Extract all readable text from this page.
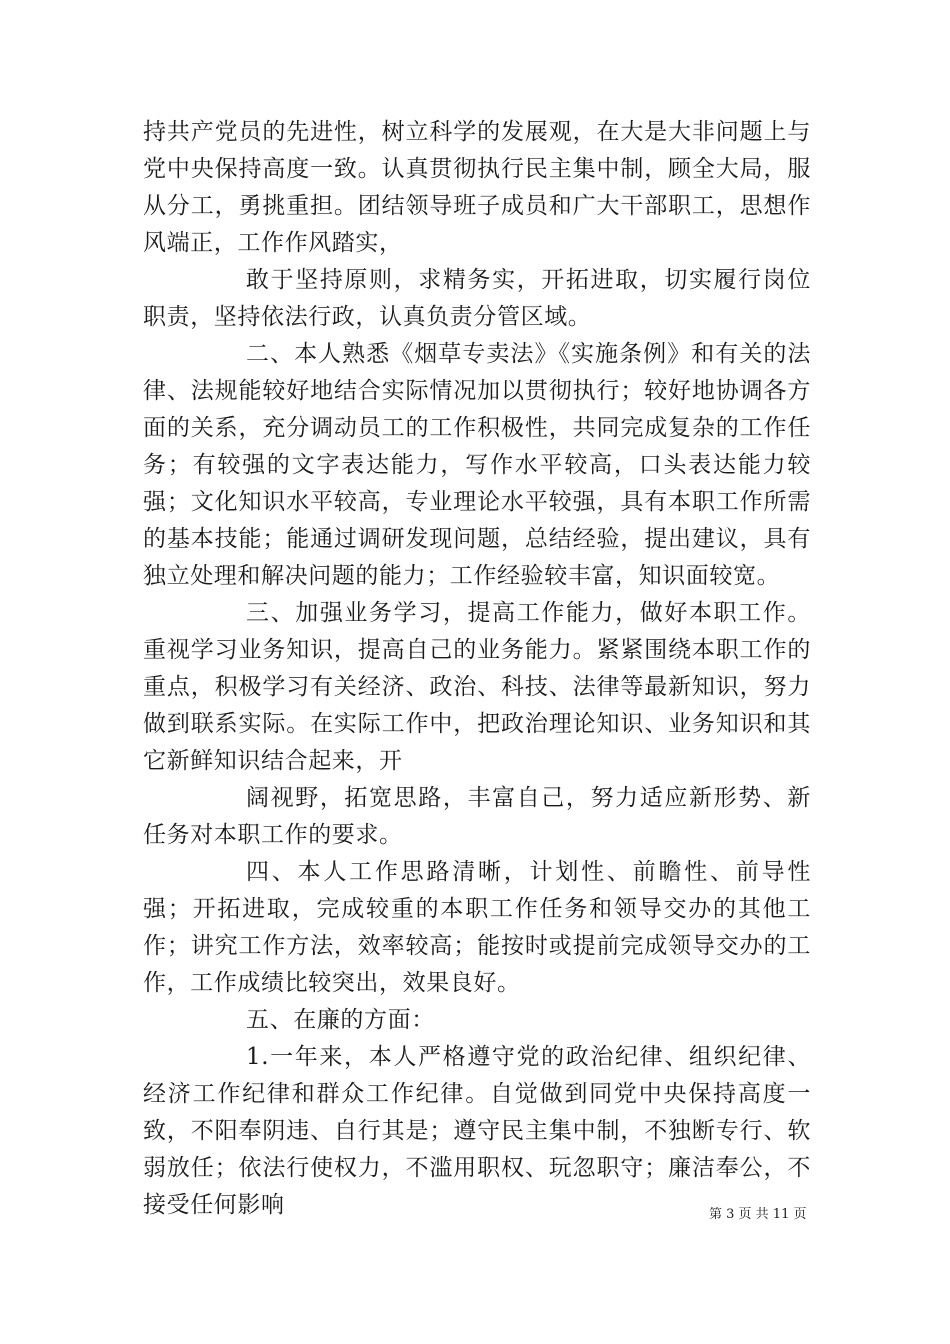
持共产党员的先进性，树立科学的发展观，在大是大非问题上与党中央保持高度一致。认真贯彻执行民主集中制，顾全大局，服从分工，勇挑重担。团结领导班子成员和广大干部职工，思想作风端正，工作作风踏实，

敢于坚持原则，求精务实，开拓进取，切实履行岗位职责，坚持依法行政，认真负责分管区域。

二、本人熟悉《烟草专卖法》《实施条例》和有关的法律、法规能较好地结合实际情况加以贯彻执行；较好地协调各方面的关系，充分调动员工的工作积极性，共同完成复杂的工作任务；有较强的文字表达能力，写作水平较高，口头表达能力较强；文化知识水平较高，专业理论水平较强，具有本职工作所需的基本技能；能通过调研发现问题，总结经验，提出建议，具有独立处理和解决问题的能力；工作经验较丰富，知识面较宽。

三、加强业务学习，提高工作能力，做好本职工作。重视学习业务知识，提高自己的业务能力。紧紧围绕本职工作的重点，积极学习有关经济、政治、科技、法律等最新知识，努力做到联系实际。在实际工作中，把政治理论知识、业务知识和其它新鲜知识结合起来，开

阔视野，拓宽思路，丰富自己，努力适应新形势、新任务对本职工作的要求。

四、本人工作思路清晰，计划性、前瞻性、前导性强；开拓进取，完成较重的本职工作任务和领导交办的其他工作；讲究工作方法，效率较高；能按时或提前完成领导交办的工作，工作成绩比较突出，效果良好。

五、在廉的方面：

1.一年来，本人严格遵守党的政治纪律、组织纪律、经济工作纪律和群众工作纪律。自觉做到同党中央保持高度一致，不阳奉阴违、自行其是；遵守民主集中制，不独断专行、软弱放任；依法行使权力，不滥用职权、玩忽职守；廉洁奉公，不接受任何影响	第 3 页 共 11 页
